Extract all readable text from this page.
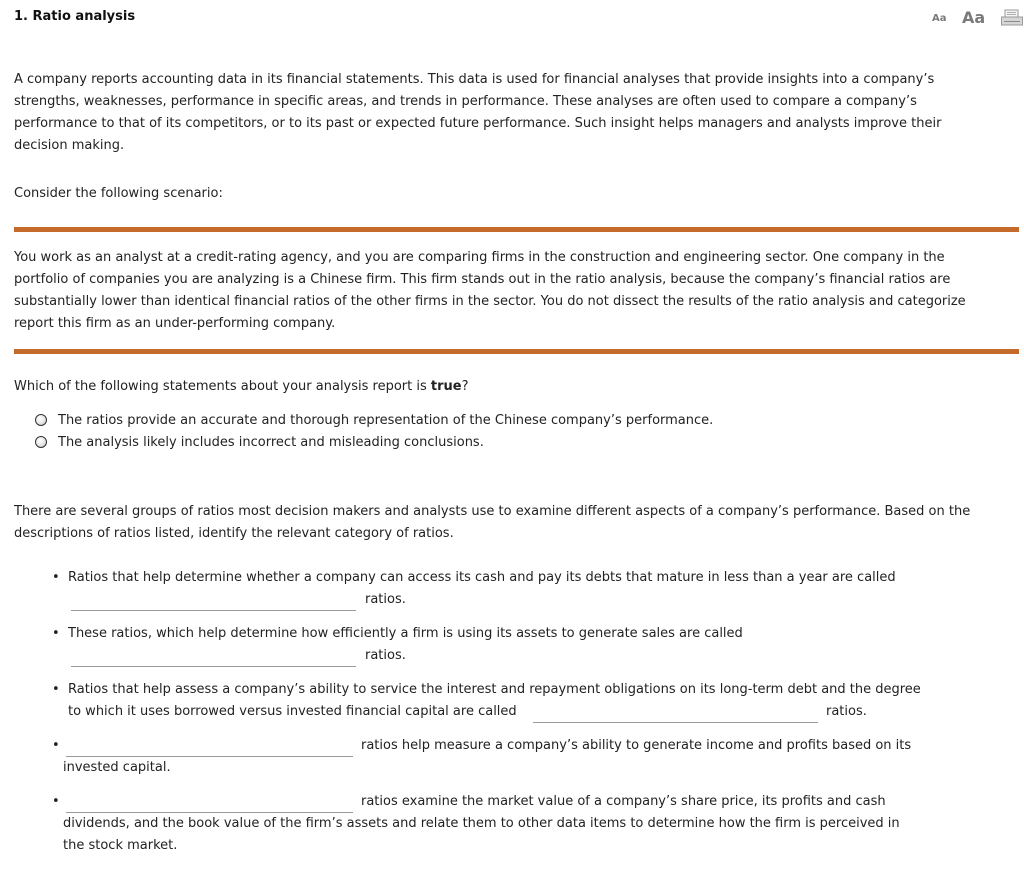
1. Ratio analysis	Aa Aa
A company reports accounting data in its financial statements. This data is used for financial analyses that provide insights into a company’s
strengths, weaknesses, performance in specific areas, and trends in performance. These analyses are often used to compare a company’s
performance to that of its competitors, or to its past or expected future performance. Such insight helps managers and analysts improve their
decision making.
Consider the following scenario:
You work as an analyst at a credit-rating agency, and you are comparing firms in the construction and engineering sector. One company in the
portfolio of companies you are analyzing is a Chinese firm. This firm stands out in the ratio analysis, because the company’s financial ratios are
substantially lower than identical financial ratios of the other firms in the sector. You do not dissect the results of the ratio analysis and categorize
report this firm as an under-performing company.
Which of the following statements about your analysis report is true?
The ratios provide an accurate and thorough representation of the Chinese company’s performance.
The analysis likely includes incorrect and misleading conclusions.
There are several groups of ratios most decision makers and analysts use to examine different aspects of a company’s performance. Based on the
descriptions of ratios listed, identify the relevant category of ratios.
• Ratios that help determine whether a company can access its cash and pay its debts that mature in less than a year are called
ratios.
• These ratios, which help determine how efficiently a firm is using its assets to generate sales are called
ratios.
• Ratios that help assess a company’s ability to service the interest and repayment obligations on its long-term debt and the degree
to which it uses borrowed versus invested financial capital are called	ratios.
•	ratios help measure a company’s ability to generate income and profits based on its
invested capital.
•	ratios examine the market value of a company’s share price, its profits and cash
dividends, and the book value of the firm’s assets and relate them to other data items to determine how the firm is perceived in
the stock market.
